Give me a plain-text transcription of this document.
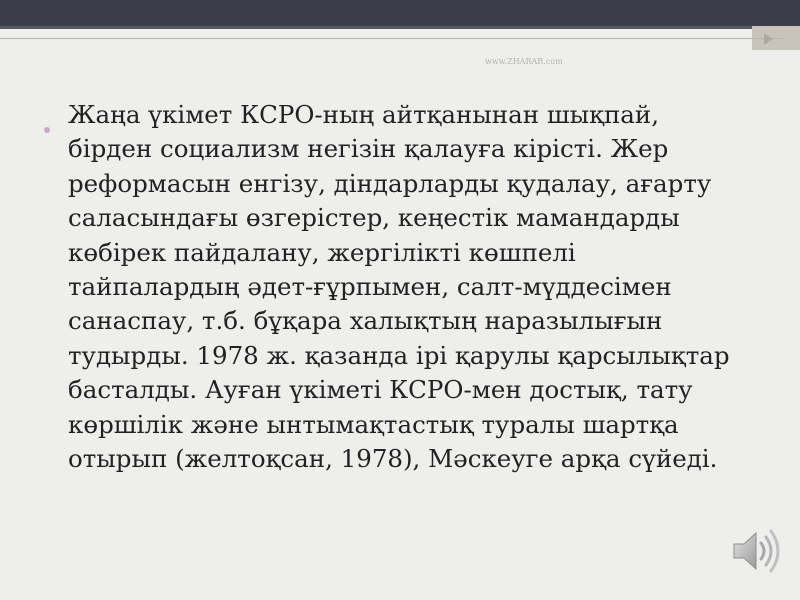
www.ZHARAR.com

Жаңа үкімет КСРО-ның айтқанынан шықпай, бірден социализм негізін қалауға кірісті. Жер реформасын енгізу, діндарларды қудалау, ағарту саласындағы өзгерістер, кеңестік мамандарды көбірек пайдалану, жергілікті көшпелі тайпалардың әдет-ғұрпымен, салт-мүддесімен санаспау, т.б. бұқара халықтың наразылығын тудырды. 1978 ж. қазанда ірі қарулы қарсылықтар басталды. Ауған үкіметі КСРО-мен достық, тату көршілік және ынтымақтастық туралы шартқа отырып (желтоқсан, 1978), Мәскеуге арқа сүйеді.
